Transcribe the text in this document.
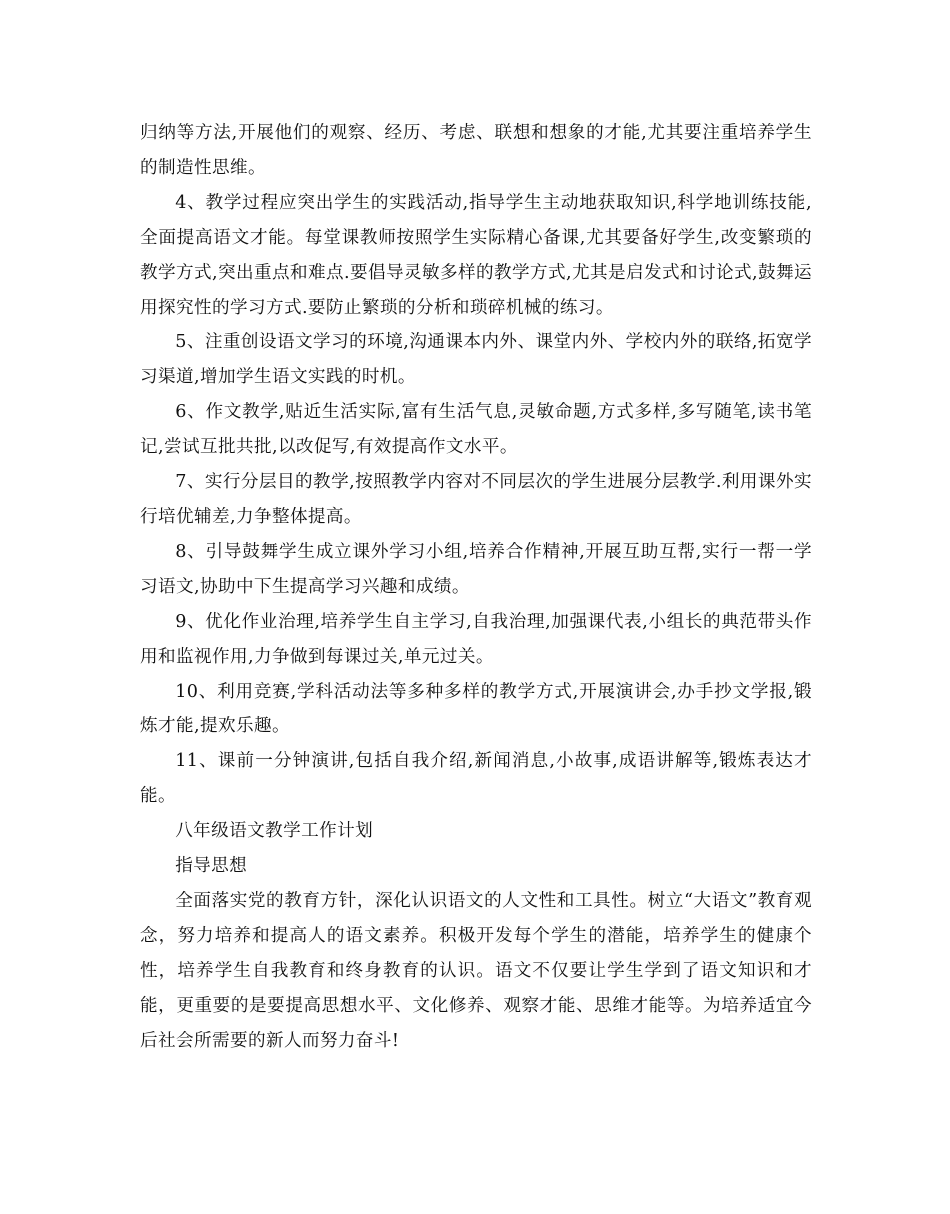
归纳等方法,开展他们的观察、经历、考虑、联想和想象的才能,尤其要注重培养学生的制造性思维。

4、教学过程应突出学生的实践活动,指导学生主动地获取知识,科学地训练技能,全面提高语文才能。每堂课教师按照学生实际精心备课,尤其要备好学生,改变繁琐的教学方式,突出重点和难点.要倡导灵敏多样的教学方式,尤其是启发式和讨论式,鼓舞运用探究性的学习方式.要防止繁琐的分析和琐碎机械的练习。

5、注重创设语文学习的环境,沟通课本内外、课堂内外、学校内外的联络,拓宽学习渠道,增加学生语文实践的时机。

6、作文教学,贴近生活实际,富有生活气息,灵敏命题,方式多样,多写随笔,读书笔记,尝试互批共批,以改促写,有效提高作文水平。

7、实行分层目的教学,按照教学内容对不同层次的学生进展分层教学.利用课外实行培优辅差,力争整体提高。

8、引导鼓舞学生成立课外学习小组,培养合作精神,开展互助互帮,实行一帮一学习语文,协助中下生提高学习兴趣和成绩。

9、优化作业治理,培养学生自主学习,自我治理,加强课代表,小组长的典范带头作用和监视作用,力争做到每课过关,单元过关。

10、利用竞赛,学科活动法等多种多样的教学方式,开展演讲会,办手抄文学报,锻炼才能,提欢乐趣。

11、课前一分钟演讲,包括自我介绍,新闻消息,小故事,成语讲解等,锻炼表达才能。

八年级语文教学工作计划

指导思想

全面落实党的教育方针，深化认识语文的人文性和工具性。树立“大语文”教育观念，努力培养和提高人的语文素养。积极开发每个学生的潜能，培养学生的健康个性，培养学生自我教育和终身教育的认识。语文不仅要让学生学到了语文知识和才能，更重要的是要提高思想水平、文化修养、观察才能、思维才能等。为培养适宜今后社会所需要的新人而努力奋斗!
